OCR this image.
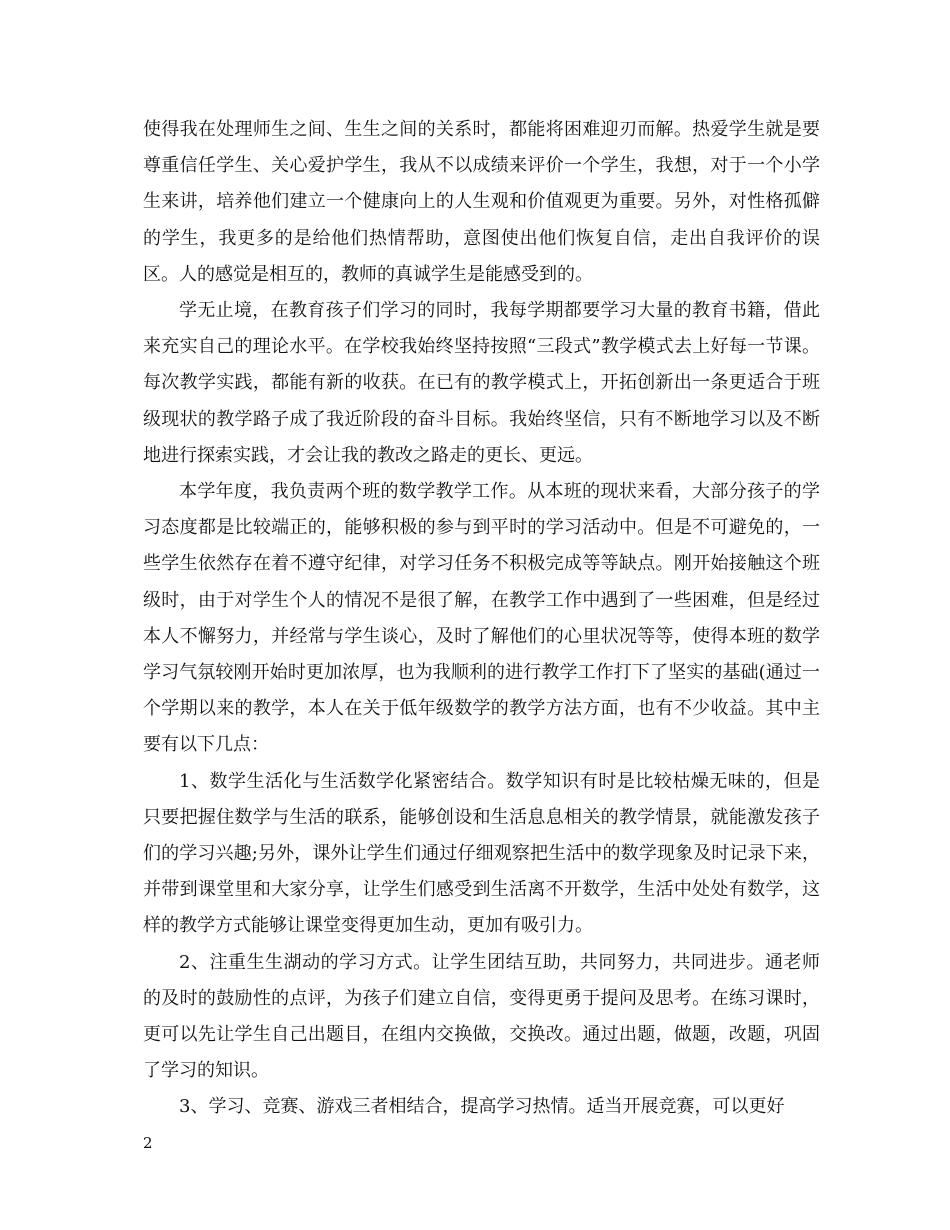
使得我在处理师生之间、生生之间的关系时，都能将困难迎刃而解。热爱学生就是要尊重信任学生、关心爱护学生，我从不以成绩来评价一个学生，我想，对于一个小学生来讲，培养他们建立一个健康向上的人生观和价值观更为重要。另外，对性格孤僻的学生，我更多的是给他们热情帮助，意图使出他们恢复自信，走出自我评价的误区。人的感觉是相互的，教师的真诚学生是能感受到的。

学无止境，在教育孩子们学习的同时，我每学期都要学习大量的教育书籍，借此来充实自己的理论水平。在学校我始终坚持按照“三段式”教学模式去上好每一节课。每次教学实践，都能有新的收获。在已有的教学模式上，开拓创新出一条更适合于班级现状的教学路子成了我近阶段的奋斗目标。我始终坚信，只有不断地学习以及不断地进行探索实践，才会让我的教改之路走的更长、更远。

本学年度，我负责两个班的数学教学工作。从本班的现状来看，大部分孩子的学习态度都是比较端正的，能够积极的参与到平时的学习活动中。但是不可避免的，一些学生依然存在着不遵守纪律，对学习任务不积极完成等等缺点。刚开始接触这个班级时，由于对学生个人的情况不是很了解，在教学工作中遇到了一些困难，但是经过本人不懈努力，并经常与学生谈心，及时了解他们的心里状况等等，使得本班的数学学习气氛较刚开始时更加浓厚，也为我顺利的进行教学工作打下了坚实的基础(通过一个学期以来的教学，本人在关于低年级数学的教学方法方面，也有不少收益。其中主要有以下几点：

1、数学生活化与生活数学化紧密结合。数学知识有时是比较枯燥无味的，但是只要把握住数学与生活的联系，能够创设和生活息息相关的教学情景，就能激发孩子们的学习兴趣;另外，课外让学生们通过仔细观察把生活中的数学现象及时记录下来，并带到课堂里和大家分享，让学生们感受到生活离不开数学，生活中处处有数学，这样的教学方式能够让课堂变得更加生动，更加有吸引力。

2、注重生生湖动的学习方式。让学生团结互助，共同努力，共同进步。通老师的及时的鼓励性的点评，为孩子们建立自信，变得更勇于提问及思考。在练习课时，更可以先让学生自己出题目，在组内交换做，交换改。通过出题，做题，改题，巩固了学习的知识。

3、学习、竞赛、游戏三者相结合，提高学习热情。适当开展竞赛，可以更好

2
